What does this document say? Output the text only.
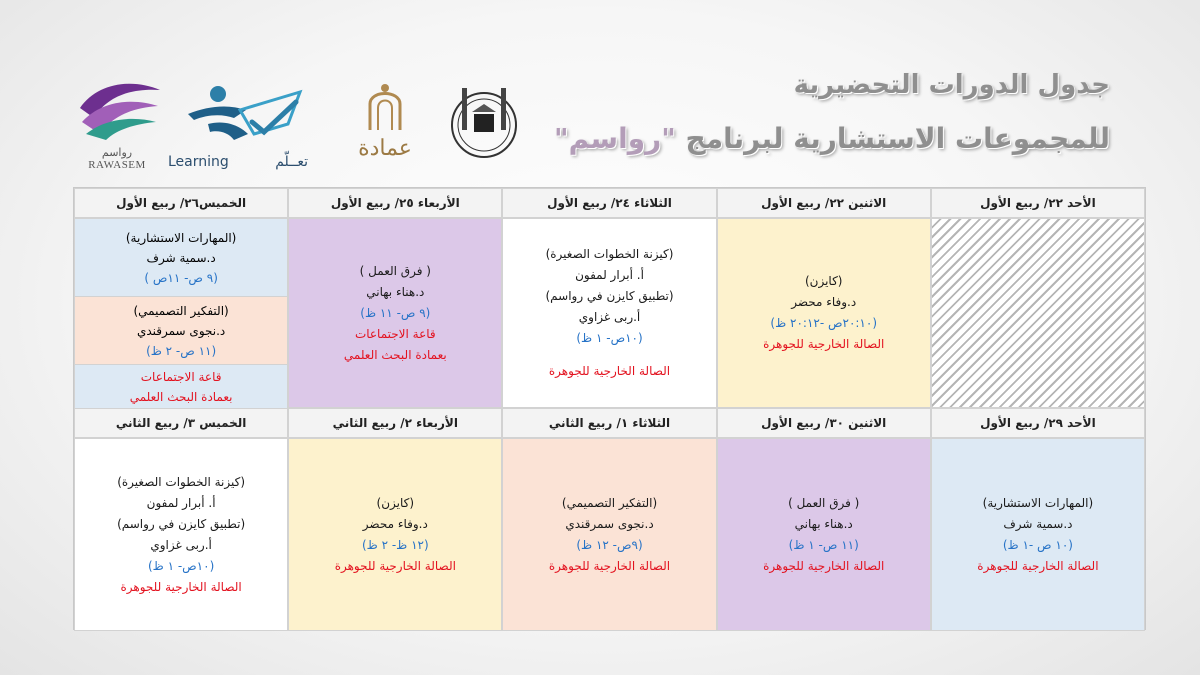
رواسم
RAWASEM	Learning	تعــلّم
عمادة
جدول الدورات التحضيرية
للمجموعات الاستشارية لبرنامج "رواسم"
الأحد ٢٢/ ربيع الأول
الاثنين ٢٢/ ربيع الأول
الثلاثاء ٢٤/ ربيع الأول
الأربعاء ٢٥/ ربيع الأول
الخميس٢٦/ ربيع الأول
(كايزن)
د.وفاء محضر
(٢٠:١٠ص -٢٠:١٢ ظ)
الصالة الخارجية للجوهرة
(كيزنة الخطوات الصغيرة)
أ. أبرار لمفون
(تطبيق كايزن في رواسم)
أ.ربى غزاوي
(١٠ص- ١ ظ)
الصالة الخارجية للجوهرة
( فرق العمل )
د.هناء بهاني
(٩ ص- ١١ ظ)
قاعة الاجتماعات
بعمادة البحث العلمي
(المهارات الاستشارية)
د.سمية شرف
(٩ ص- ١١ص )
(التفكير التصميمي)
د.نجوى سمرقندي
(١١ ص- ٢ ظ)
قاعة الاجتماعات
بعمادة البحث العلمي
الأحد ٢٩/ ربيع الأول
الاثنين ٣٠/ ربيع الأول
الثلاثاء ١/ ربيع الثاني
الأربعاء ٢/ ربيع الثاني
الخميس ٣/ ربيع الثاني
(المهارات الاستشارية)
د.سمية شرف
(١٠ ص -١ ظ)
الصالة الخارجية للجوهرة
( فرق العمل )
د.هناء بهاني
(١١ ص- ١ ظ)
الصالة الخارجية للجوهرة
(التفكير التصميمي)
د.نجوى سمرقندي
(٩ص- ١٢ ظ)
الصالة الخارجية للجوهرة
(كايزن)
د.وفاء محضر
(١٢ ظ- ٢ ظ)
الصالة الخارجية للجوهرة
(كيزنة الخطوات الصغيرة)
أ. أبرار لمفون
(تطبيق كايزن في رواسم)
أ.ربى غزاوي
(١٠ص- ١ ظ)
الصالة الخارجية للجوهرة
